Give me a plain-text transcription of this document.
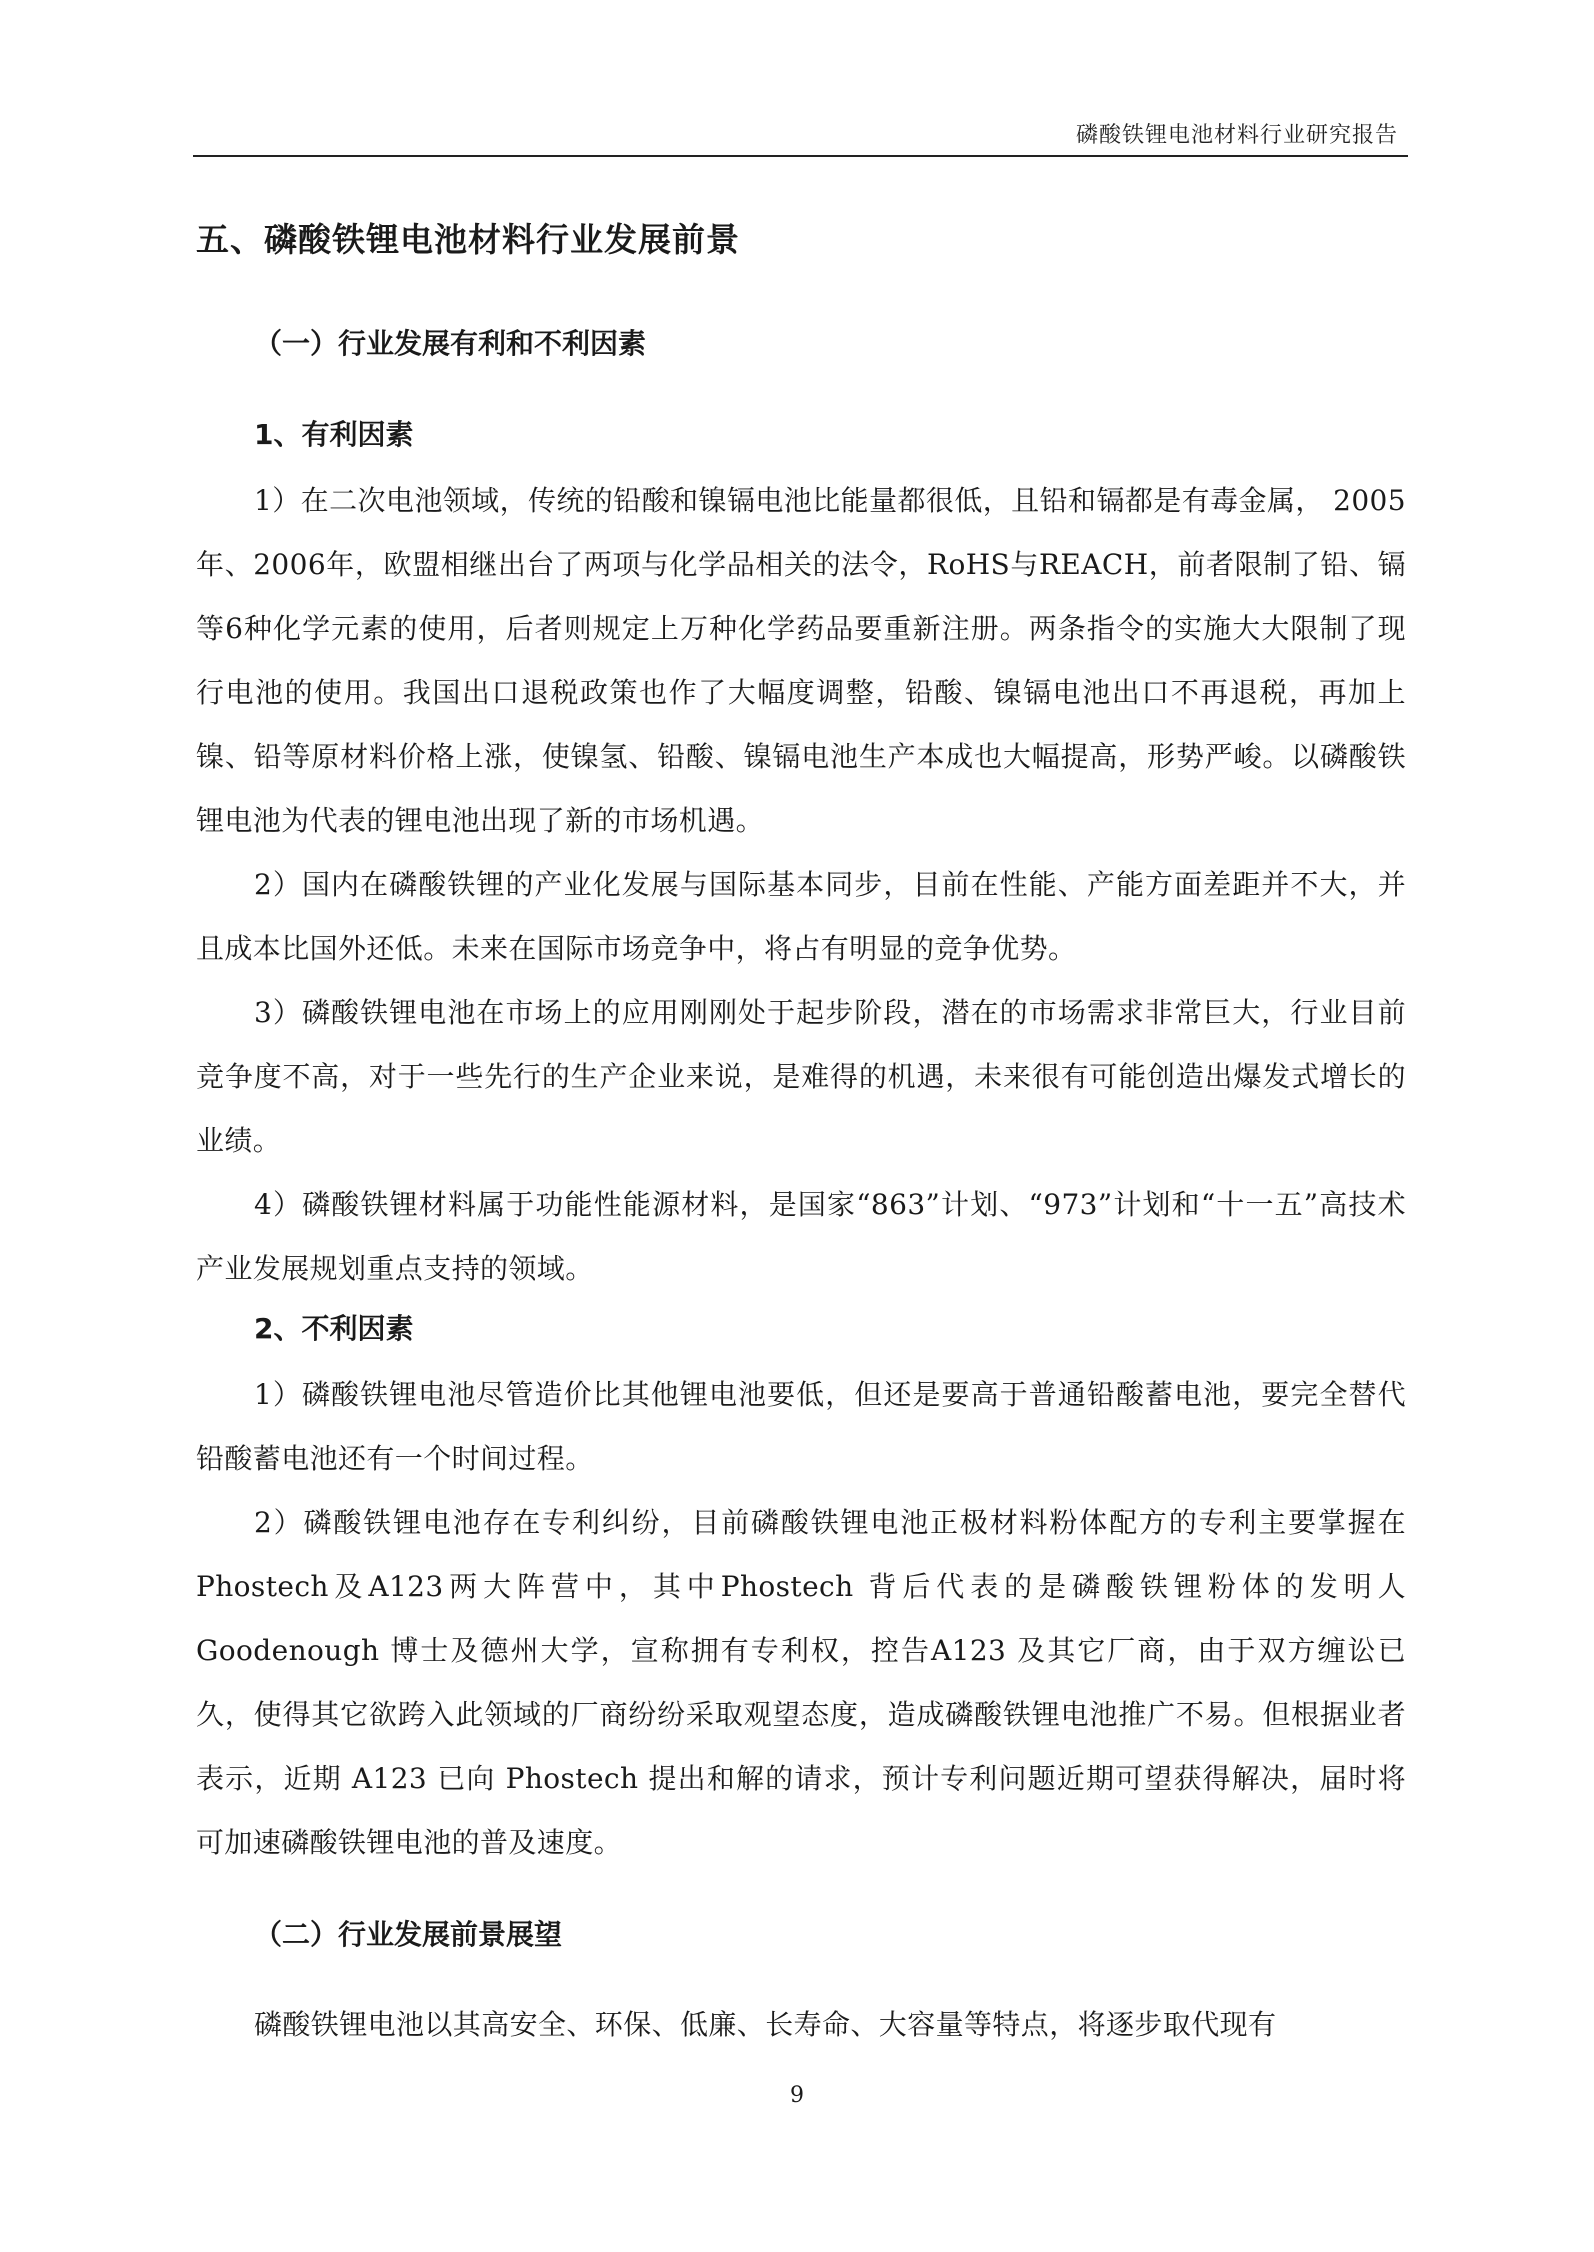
磷酸铁锂电池材料行业研究报告
五、磷酸铁锂电池材料行业发展前景
（一）行业发展有利和不利因素
1、有利因素

1）在二次电池领域，传统的铅酸和镍镉电池比能量都很低，且铅和镉都是有毒金属， 2005年、2006年，欧盟相继出台了两项与化学品相关的法令，RoHS与REACH，前者限制了铅、镉等6种化学元素的使用，后者则规定上万种化学药品要重新注册。两条指令的实施大大限制了现行电池的使用。我国出口退税政策也作了大幅度调整，铅酸、镍镉电池出口不再退税，再加上镍、铅等原材料价格上涨，使镍氢、铅酸、镍镉电池生产本成也大幅提高，形势严峻。以磷酸铁锂电池为代表的锂电池出现了新的市场机遇。

2）国内在磷酸铁锂的产业化发展与国际基本同步，目前在性能、产能方面差距并不大，并且成本比国外还低。未来在国际市场竞争中，将占有明显的竞争优势。

3）磷酸铁锂电池在市场上的应用刚刚处于起步阶段，潜在的市场需求非常巨大，行业目前竞争度不高，对于一些先行的生产企业来说，是难得的机遇，未来很有可能创造出爆发式增长的业绩。

4）磷酸铁锂材料属于功能性能源材料，是国家“863”计划、“973”计划和“十一五”高技术产业发展规划重点支持的领域。

2、不利因素

1）磷酸铁锂电池尽管造价比其他锂电池要低，但还是要高于普通铅酸蓄电池，要完全替代铅酸蓄电池还有一个时间过程。

2）磷酸铁锂电池存在专利纠纷，目前磷酸铁锂电池正极材料粉体配方的专利主要掌握在Phostech及A123两大阵营中，其中Phostech 背后代表的是磷酸铁锂粉体的发明人Goodenough 博士及德州大学，宣称拥有专利权，控告A123 及其它厂商，由于双方缠讼已久，使得其它欲跨入此领域的厂商纷纷采取观望态度，造成磷酸铁锂电池推广不易。但根据业者表示，近期 A123 已向 Phostech 提出和解的请求，预计专利问题近期可望获得解决，届时将可加速磷酸铁锂电池的普及速度。

（二）行业发展前景展望

磷酸铁锂电池以其高安全、环保、低廉、长寿命、大容量等特点，将逐步取代现有

9
